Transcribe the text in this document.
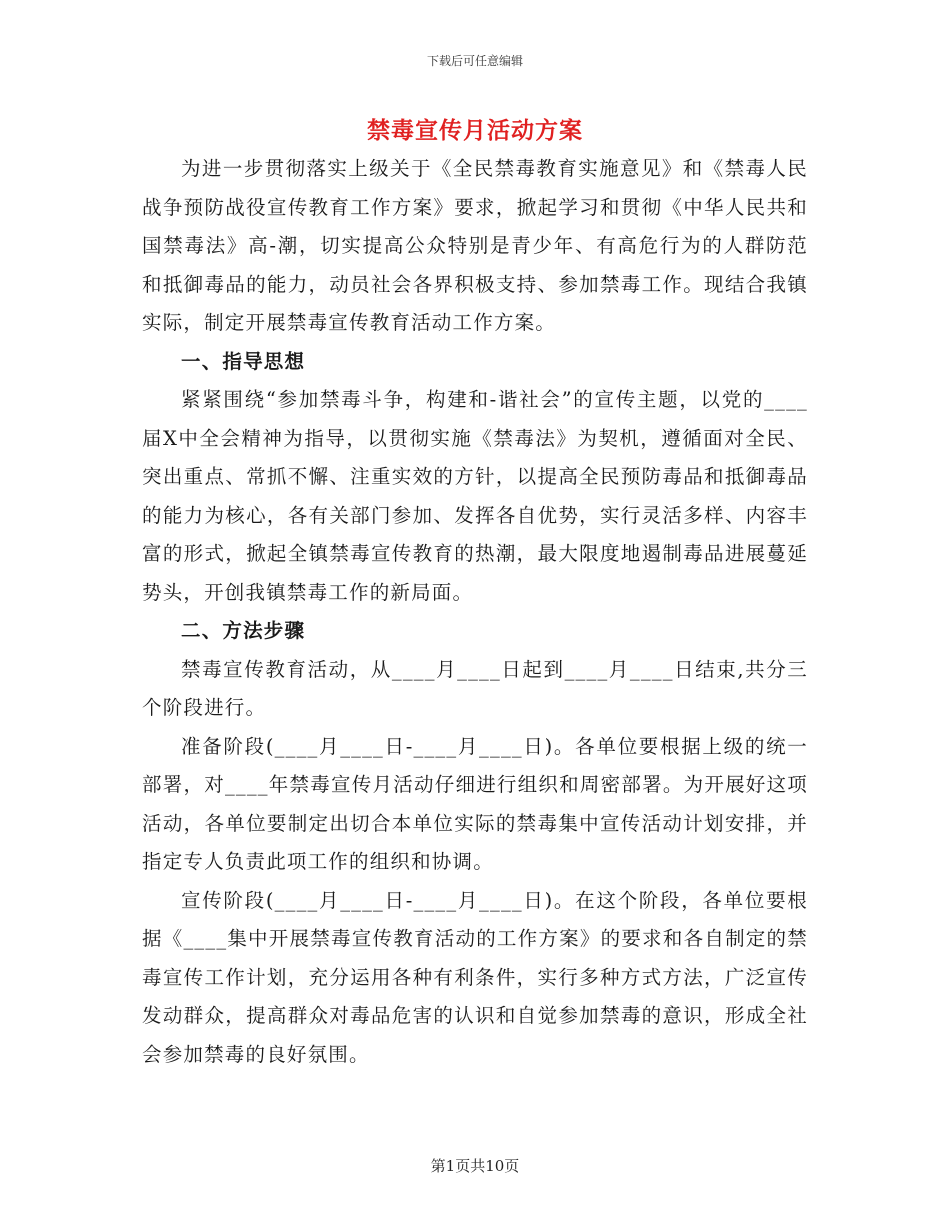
下载后可任意编辑
禁毒宣传月活动方案

为进一步贯彻落实上级关于《全民禁毒教育实施意见》和《禁毒人民战争预防战役宣传教育工作方案》要求，掀起学习和贯彻《中华人民共和国禁毒法》高-潮，切实提高公众特别是青少年、有高危行为的人群防范和抵御毒品的能力，动员社会各界积极支持、参加禁毒工作。现结合我镇实际，制定开展禁毒宣传教育活动工作方案。

一、指导思想

紧紧围绕“参加禁毒斗争，构建和-谐社会”的宣传主题，以党的____届X中全会精神为指导，以贯彻实施《禁毒法》为契机，遵循面对全民、突出重点、常抓不懈、注重实效的方针，以提高全民预防毒品和抵御毒品的能力为核心，各有关部门参加、发挥各自优势，实行灵活多样、内容丰富的形式，掀起全镇禁毒宣传教育的热潮，最大限度地遏制毒品进展蔓延势头，开创我镇禁毒工作的新局面。

二、方法步骤

禁毒宣传教育活动，从____月____日起到____月____日结束,共分三个阶段进行。

准备阶段(____月____日-____月____日)。各单位要根据上级的统一部署，对____年禁毒宣传月活动仔细进行组织和周密部署。为开展好这项活动，各单位要制定出切合本单位实际的禁毒集中宣传活动计划安排，并指定专人负责此项工作的组织和协调。

宣传阶段(____月____日-____月____日)。在这个阶段，各单位要根据《____集中开展禁毒宣传教育活动的工作方案》的要求和各自制定的禁毒宣传工作计划，充分运用各种有利条件，实行多种方式方法，广泛宣传发动群众，提高群众对毒品危害的认识和自觉参加禁毒的意识，形成全社会参加禁毒的良好氛围。

第1页共10页
